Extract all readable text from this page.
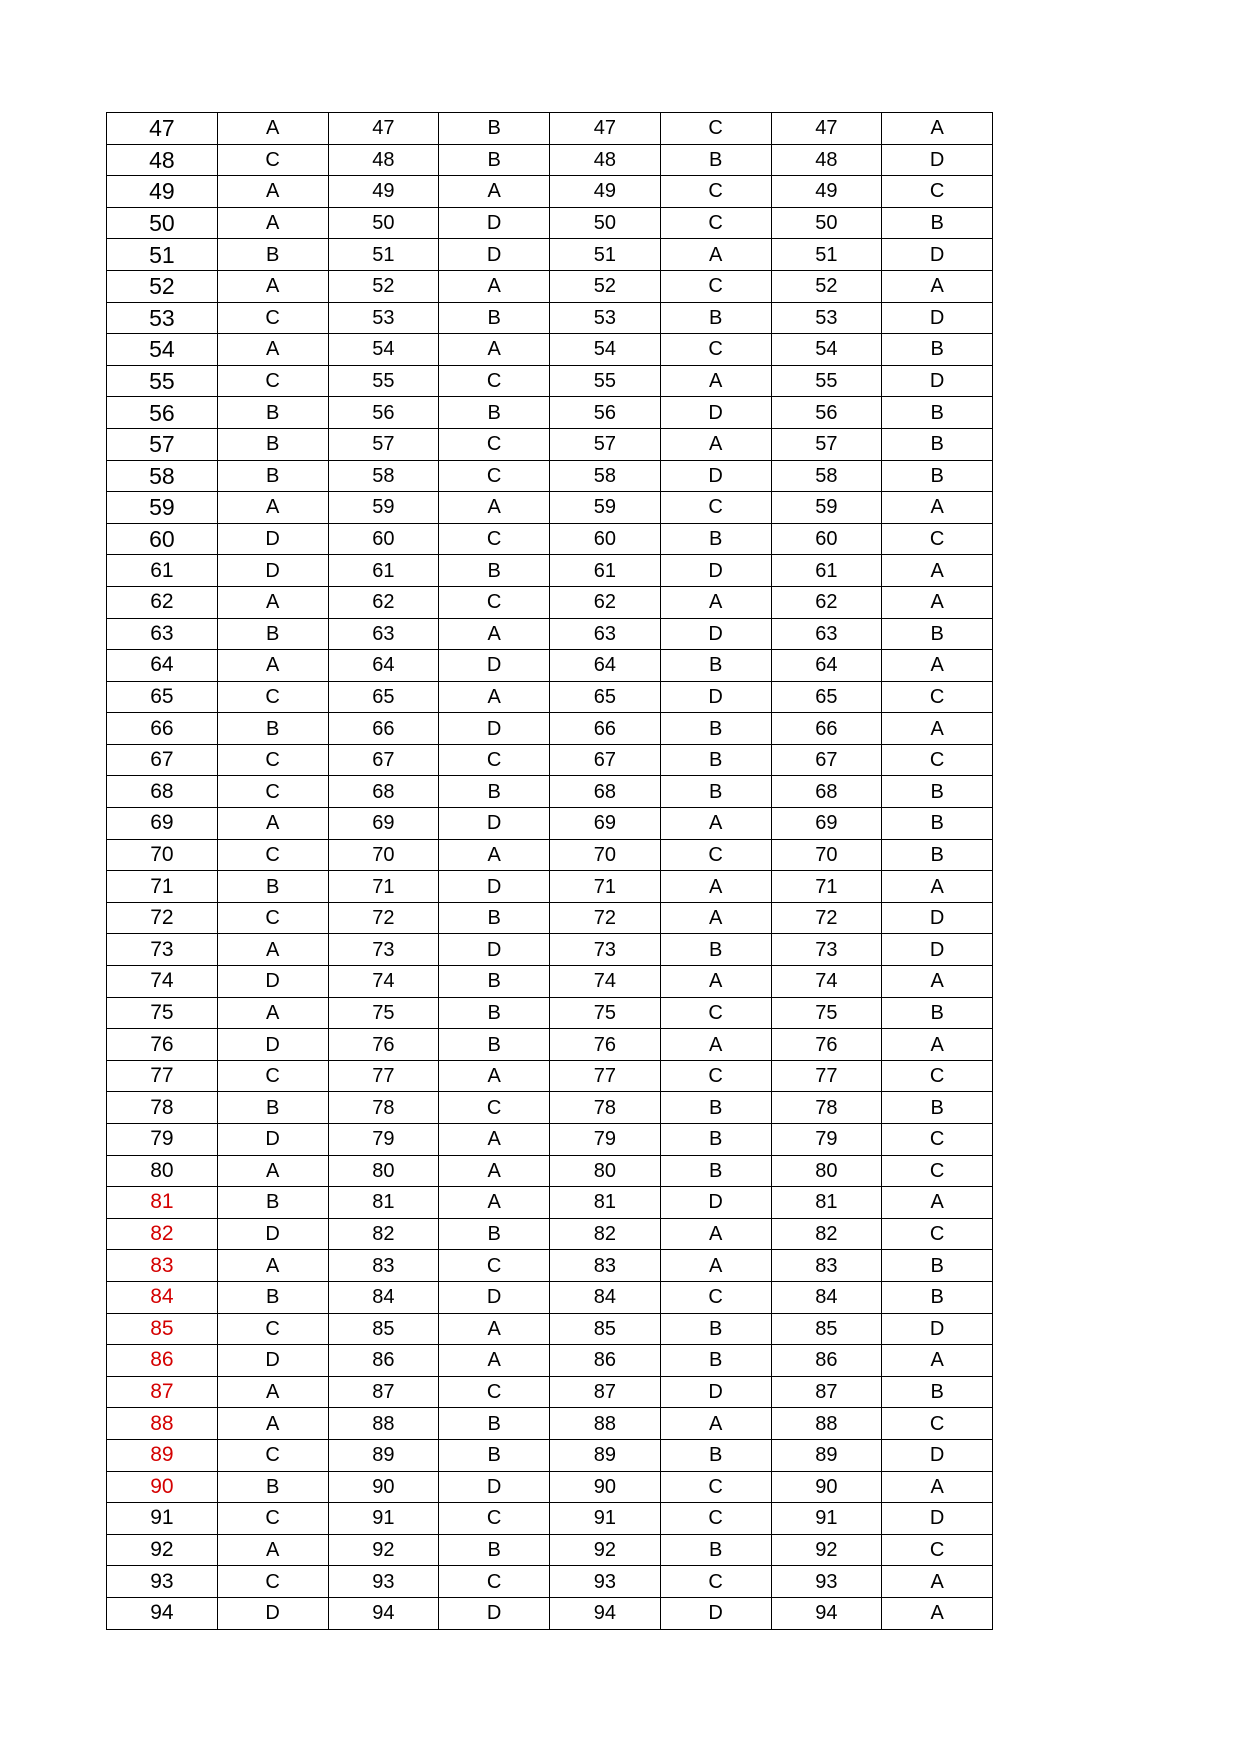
47	A	47	B	47	C	47	A
48	C	48	B	48	B	48	D
49	A	49	A	49	C	49	C
50	A	50	D	50	C	50	B
51	B	51	D	51	A	51	D
52	A	52	A	52	C	52	A
53	C	53	B	53	B	53	D
54	A	54	A	54	C	54	B
55	C	55	C	55	A	55	D
56	B	56	B	56	D	56	B
57	B	57	C	57	A	57	B
58	B	58	C	58	D	58	B
59	A	59	A	59	C	59	A
60	D	60	C	60	B	60	C
61	D	61	B	61	D	61	A
62	A	62	C	62	A	62	A
63	B	63	A	63	D	63	B
64	A	64	D	64	B	64	A
65	C	65	A	65	D	65	C
66	B	66	D	66	B	66	A
67	C	67	C	67	B	67	C
68	C	68	B	68	B	68	B
69	A	69	D	69	A	69	B
70	C	70	A	70	C	70	B
71	B	71	D	71	A	71	A
72	C	72	B	72	A	72	D
73	A	73	D	73	B	73	D
74	D	74	B	74	A	74	A
75	A	75	B	75	C	75	B
76	D	76	B	76	A	76	A
77	C	77	A	77	C	77	C
78	B	78	C	78	B	78	B
79	D	79	A	79	B	79	C
80	A	80	A	80	B	80	C
81	B	81	A	81	D	81	A
82	D	82	B	82	A	82	C
83	A	83	C	83	A	83	B
84	B	84	D	84	C	84	B
85	C	85	A	85	B	85	D
86	D	86	A	86	B	86	A
87	A	87	C	87	D	87	B
88	A	88	B	88	A	88	C
89	C	89	B	89	B	89	D
90	B	90	D	90	C	90	A
91	C	91	C	91	C	91	D
92	A	92	B	92	B	92	C
93	C	93	C	93	C	93	A
94	D	94	D	94	D	94	A
